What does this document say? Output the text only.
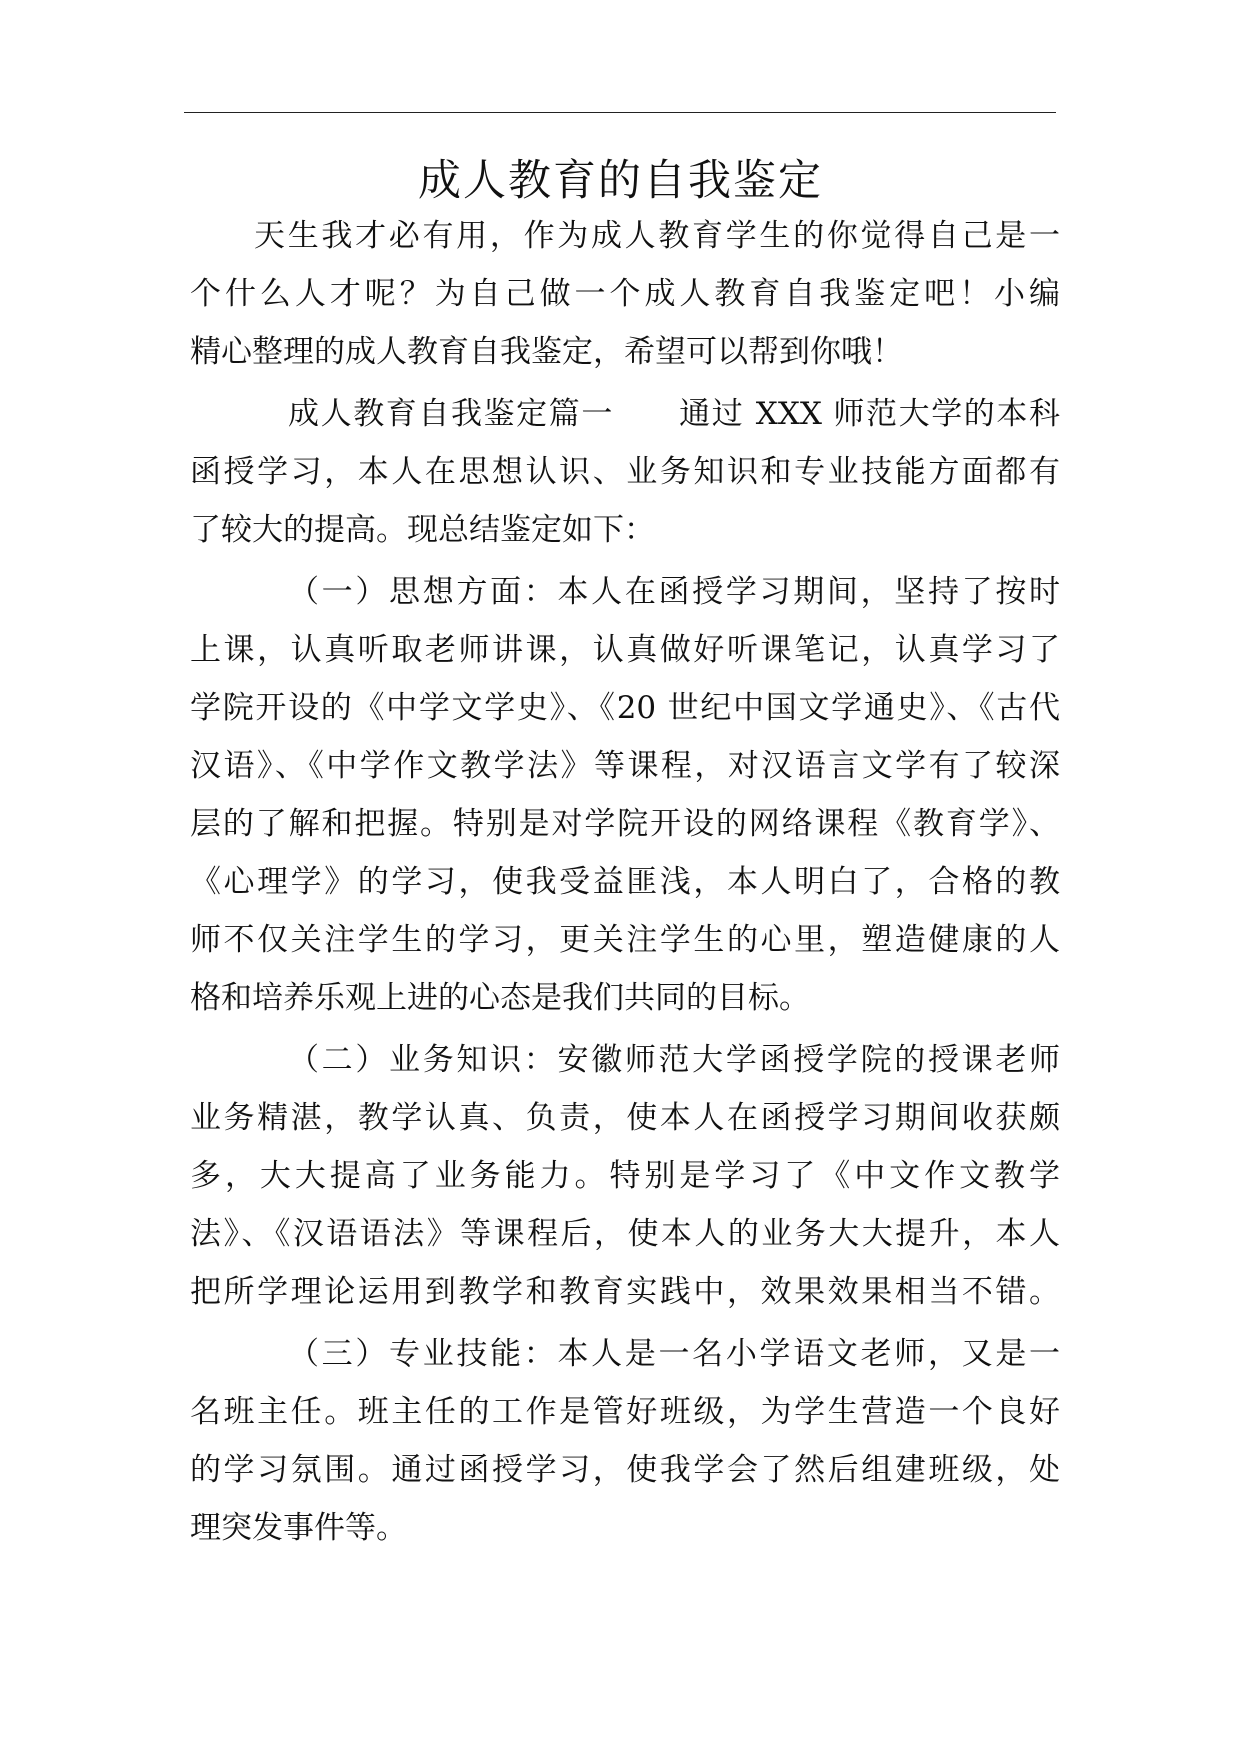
成人教育的自我鉴定
天生我才必有用，作为成人教育学生的你觉得自己是一
个什么人才呢？为自己做一个成人教育自我鉴定吧！小编
精心整理的成人教育自我鉴定，希望可以帮到你哦！
成人教育自我鉴定篇一　　通过 XXX 师范大学的本科
函授学习，本人在思想认识、业务知识和专业技能方面都有
了较大的提高。现总结鉴定如下：
（一）思想方面：本人在函授学习期间，坚持了按时
上课，认真听取老师讲课，认真做好听课笔记，认真学习了
学院开设的《中学文学史》、《20 世纪中国文学通史》、《古代
汉语》、《中学作文教学法》等课程，对汉语言文学有了较深
层的了解和把握。特别是对学院开设的网络课程《教育学》、
《心理学》的学习，使我受益匪浅，本人明白了，合格的教
师不仅关注学生的学习，更关注学生的心里，塑造健康的人
格和培养乐观上进的心态是我们共同的目标。
（二）业务知识：安徽师范大学函授学院的授课老师
业务精湛，教学认真、负责，使本人在函授学习期间收获颇
多，大大提高了业务能力。特别是学习了《中文作文教学
法》、《汉语语法》等课程后，使本人的业务大大提升，本人
把所学理论运用到教学和教育实践中，效果效果相当不错。
（三）专业技能：本人是一名小学语文老师，又是一
名班主任。班主任的工作是管好班级，为学生营造一个良好
的学习氛围。通过函授学习，使我学会了然后组建班级，处
理突发事件等。
